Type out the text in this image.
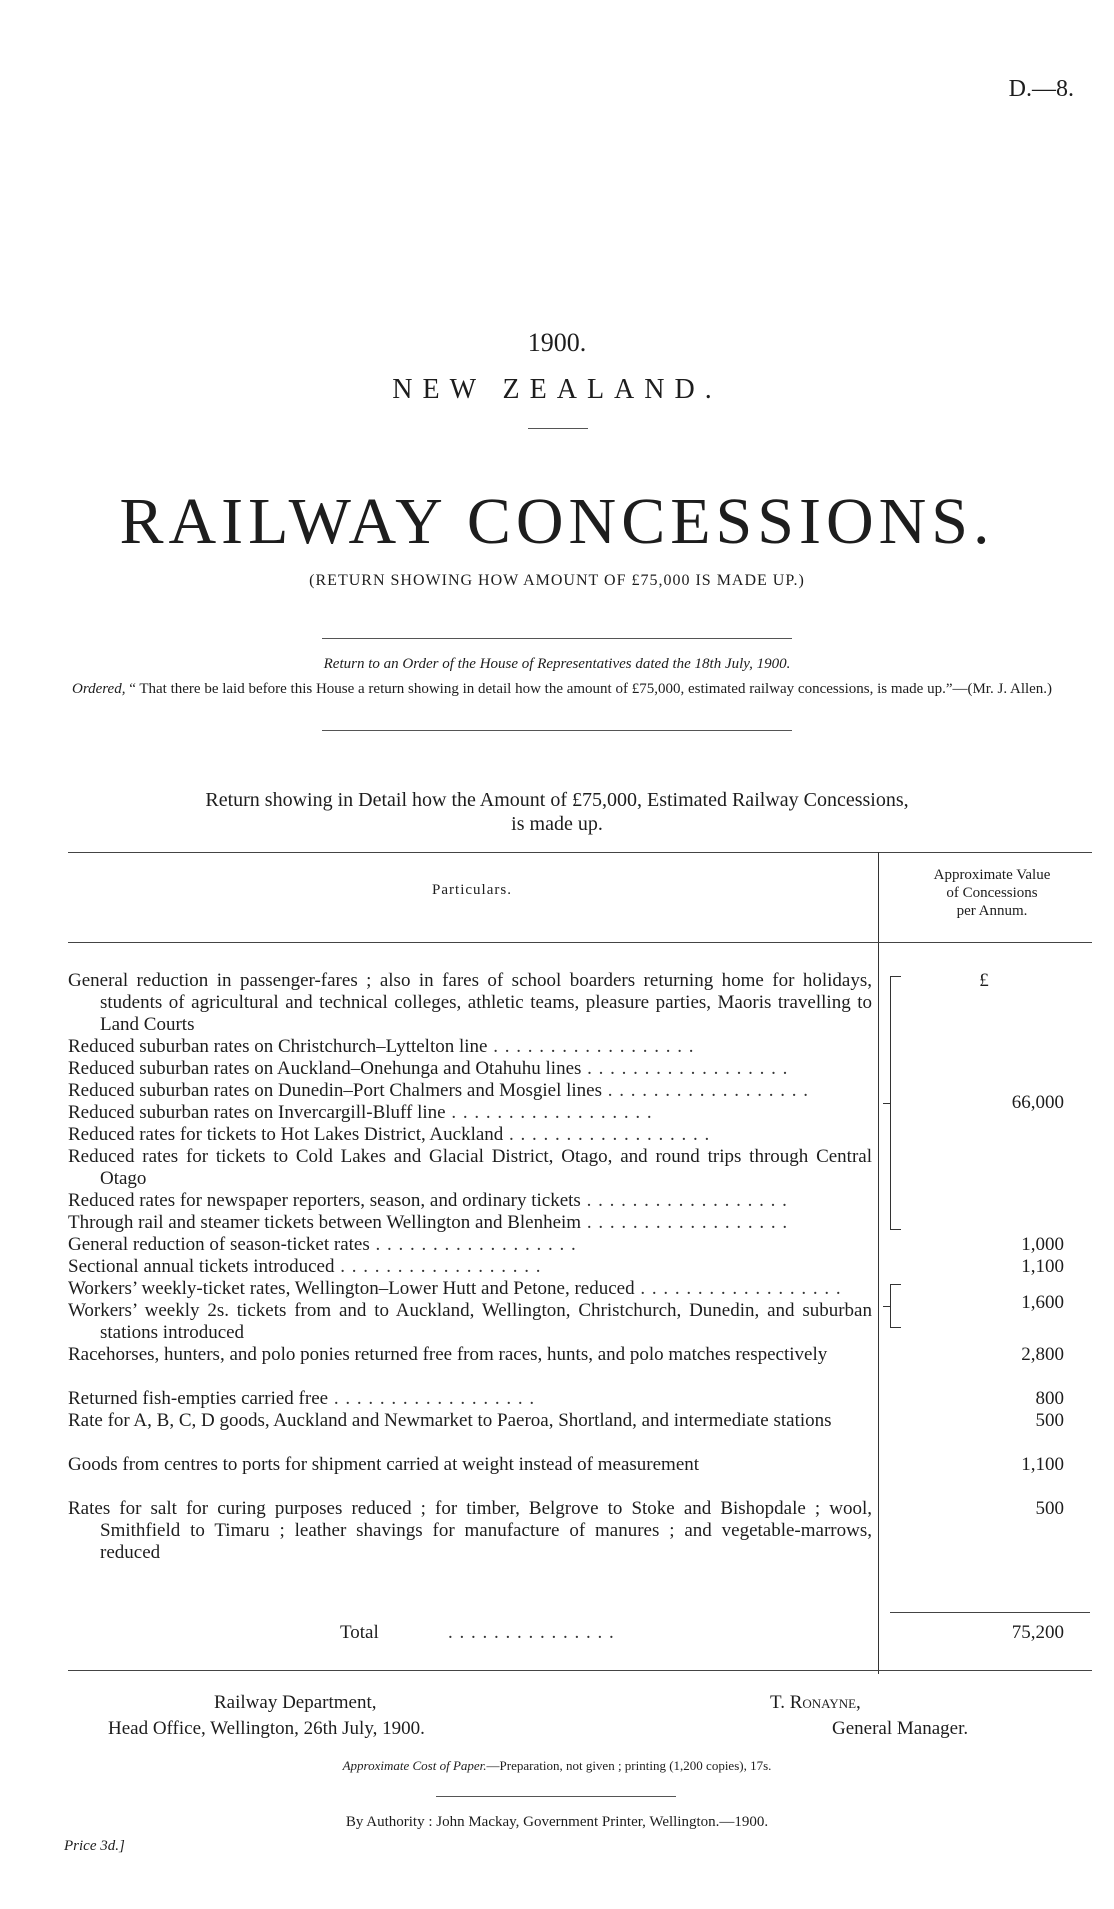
D.—8.
1900.
NEW ZEALAND.
RAILWAY CONCESSIONS.
(RETURN SHOWING HOW AMOUNT OF £75,000 IS MADE UP.)
Return to an Order of the House of Representatives dated the 18th July, 1900.
Ordered, “ That there be laid before this House a return showing in detail how the amount of £75,000, estimated railway concessions, is made up.”—(Mr. J. Allen.)
Return showing in Detail how the Amount of £75,000, Estimated Railway Concessions,
is made up.
Particulars.
Approximate Value
of Concessions
per Annum.
General reduction in passenger-fares ; also in fares of school boarders returning home for holidays, students of agricultural and technical colleges, athletic teams, pleasure parties, Maoris travelling to Land Courts
Reduced suburban rates on Christchurch–Lyttelton line . . .
Reduced suburban rates on Auckland–Onehunga and Otahuhu lines . . .
Reduced suburban rates on Dunedin–Port Chalmers and Mosgiel lines . . .
Reduced suburban rates on Invercargill-Bluff line . . .
Reduced rates for tickets to Hot Lakes District, Auckland . . .
Reduced rates for tickets to Cold Lakes and Glacial District, Otago, and round trips through Central Otago
Reduced rates for newspaper reporters, season, and ordinary tickets . . .
Through rail and steamer tickets between Wellington and Blenheim . . .
General reduction of season-ticket rates . . .
Sectional annual tickets introduced . . .
Workers’ weekly-ticket rates, Wellington–Lower Hutt and Petone, reduced . . .
Workers’ weekly 2s. tickets from and to Auckland, Wellington, Christchurch, Dunedin, and suburban stations introduced
Racehorses, hunters, and polo ponies returned free from races, hunts, and polo matches respectively
Returned fish-empties carried free . . .
Rate for A, B, C, D goods, Auckland and Newmarket to Paeroa, Shortland, and intermediate stations
Goods from centres to ports for shipment carried at weight instead of measurement
Rates for salt for curing purposes reduced ; for timber, Belgrove to Stoke and Bishopdale ; wool, Smithfield to Timaru ; leather shavings for manufacture of manures ; and vegetable-marrows, reduced
£
66,000
1,000
1,100
1,600
2,800
800
500
1,100
500
Total	. . . . . . . . . . . . . . .	75,200
Railway Department,
Head Office, Wellington, 26th July, 1900.
T. Ronayne,
General Manager.
Approximate Cost of Paper.—Preparation, not given ; printing (1,200 copies), 17s.
By Authority : John Mackay, Government Printer, Wellington.—1900.
Price 3d.]
